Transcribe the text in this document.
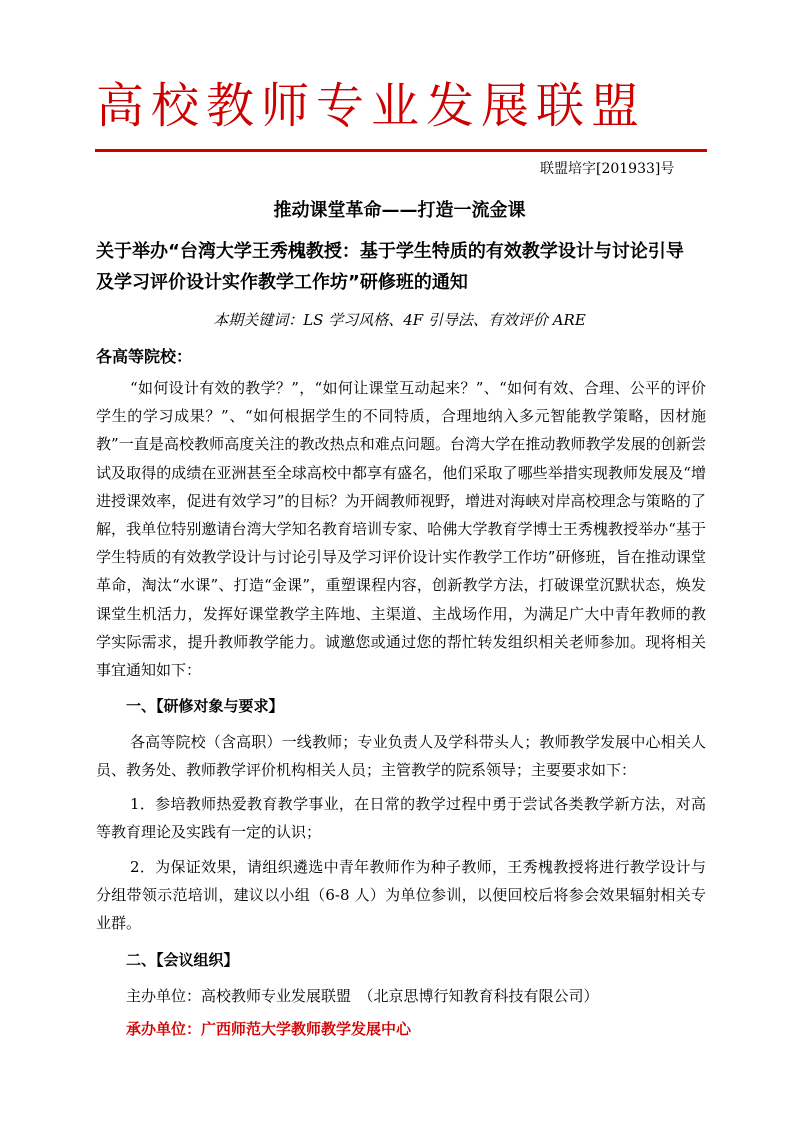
高校教师专业发展联盟
联盟培字[201933]号
推动课堂革命——打造一流金课
关于举办“台湾大学王秀槐教授：基于学生特质的有效教学设计与讨论引导
及学习评价设计实作教学工作坊”研修班的通知
本期关键词：LS 学习风格、4F 引导法、有效评价 ARE
各高等院校：
“如何设计有效的教学？”，“如何让课堂互动起来？”、“如何有效、合理、公平的评价学生的学习成果？”、“如何根据学生的不同特质，合理地纳入多元智能教学策略，因材施教”一直是高校教师高度关注的教改热点和难点问题。台湾大学在推动教师教学发展的创新尝试及取得的成绩在亚洲甚至全球高校中都享有盛名，他们采取了哪些举措实现教师发展及“增进授课效率，促进有效学习”的目标？为开阔教师视野，增进对海峡对岸高校理念与策略的了解，我单位特别邀请台湾大学知名教育培训专家、哈佛大学教育学博士王秀槐教授举办“基于学生特质的有效教学设计与讨论引导及学习评价设计实作教学工作坊”研修班，旨在推动课堂革命，淘汰“水课”、打造“金课”，重塑课程内容，创新教学方法，打破课堂沉默状态，焕发课堂生机活力，发挥好课堂教学主阵地、主渠道、主战场作用，为满足广大中青年教师的教学实际需求，提升教师教学能力。诚邀您或通过您的帮忙转发组织相关老师参加。现将相关事宜通知如下：
一、【研修对象与要求】
各高等院校（含高职）一线教师；专业负责人及学科带头人；教师教学发展中心相关人员、教务处、教师教学评价机构相关人员；主管教学的院系领导；主要要求如下：
1．参培教师热爱教育教学事业，在日常的教学过程中勇于尝试各类教学新方法，对高等教育理论及实践有一定的认识；
2．为保证效果，请组织遴选中青年教师作为种子教师，王秀槐教授将进行教学设计与分组带领示范培训，建议以小组（6-8 人）为单位参训，以便回校后将参会效果辐射相关专业群。
二、【会议组织】
主办单位：高校教师专业发展联盟　（北京思博行知教育科技有限公司）
承办单位：广西师范大学教师教学发展中心
